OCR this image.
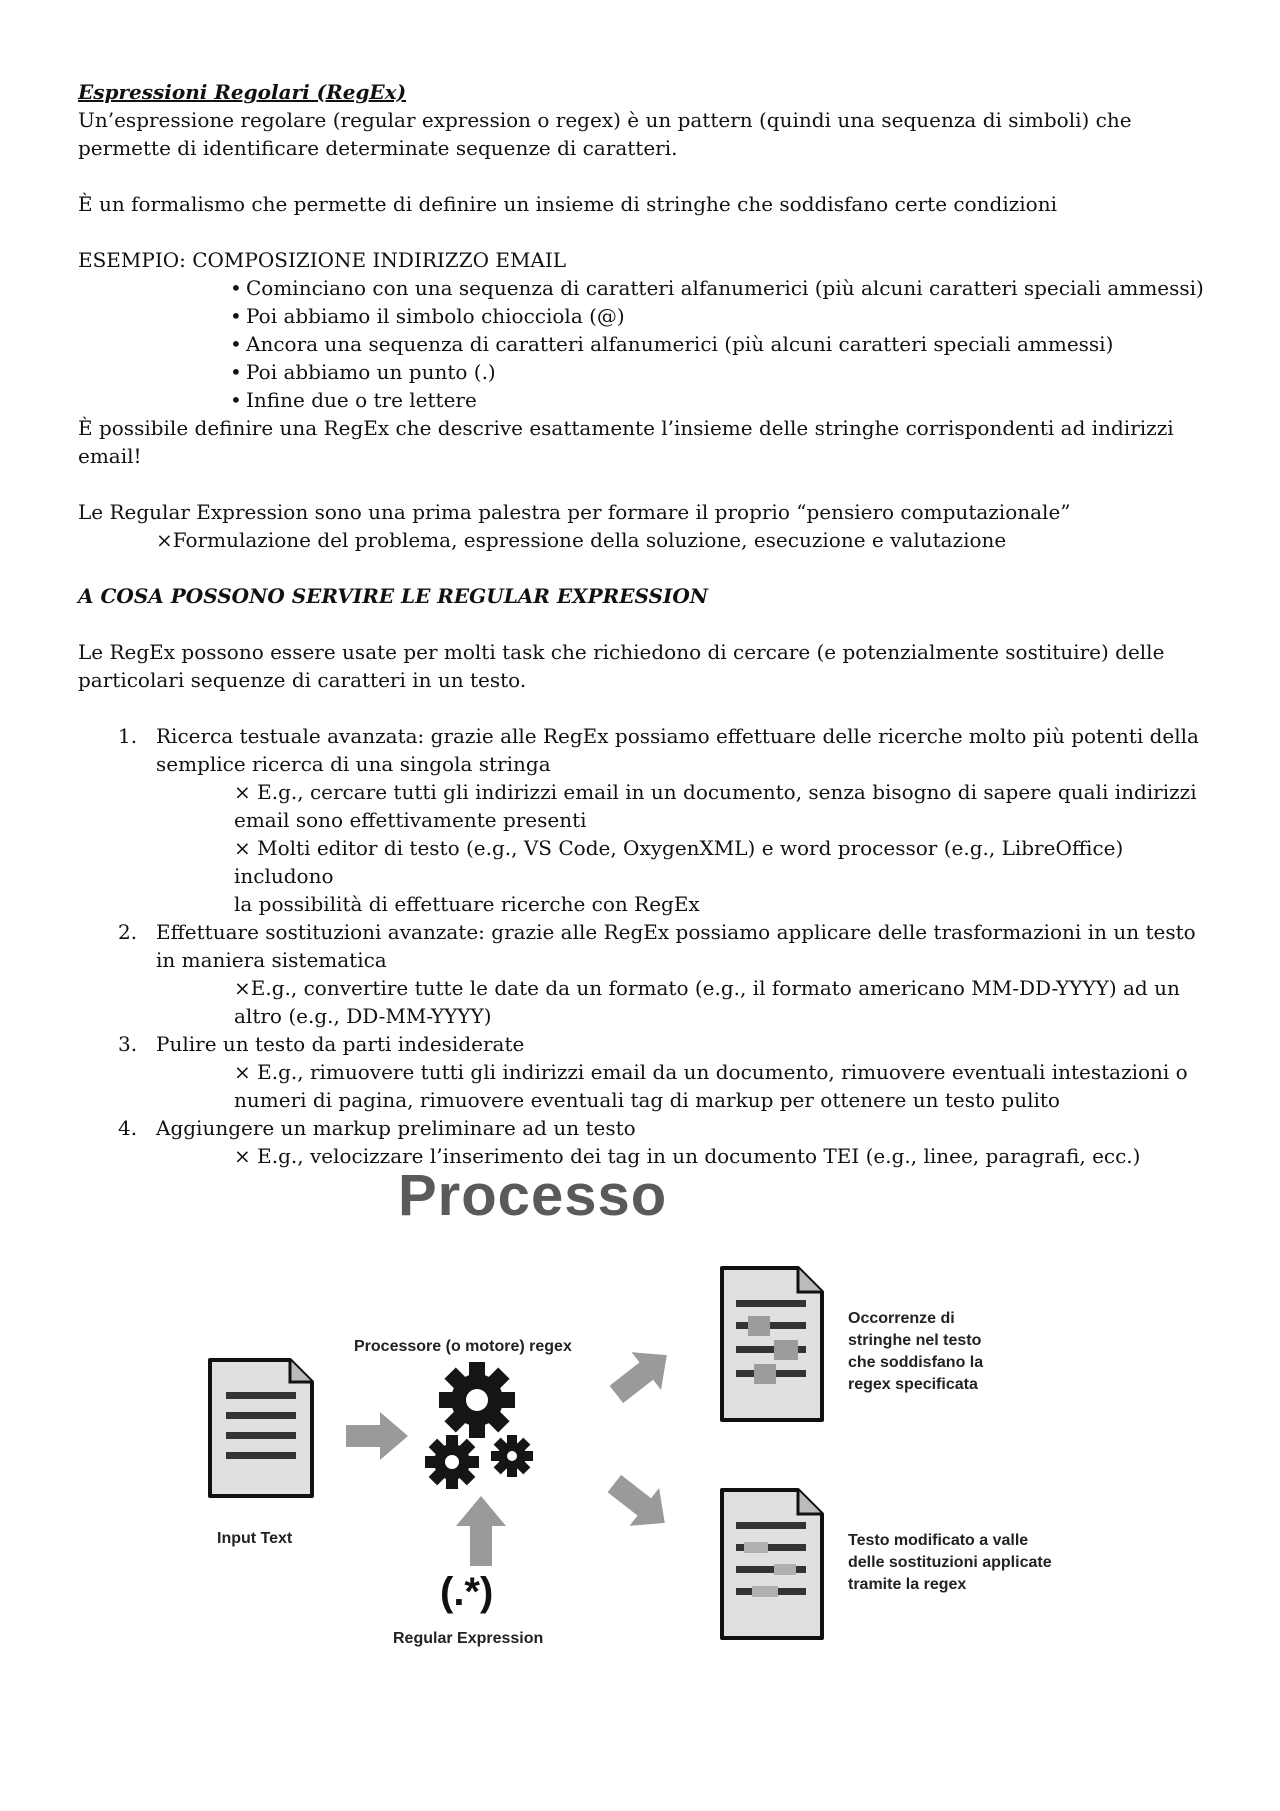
Espressioni Regolari (RegEx)

Un’espressione regolare (regular expression o regex) è un pattern (quindi una sequenza di simboli) che

permette di identificare determinate sequenze di caratteri.

È un formalismo che permette di definire un insieme di stringhe che soddisfano certe condizioni

ESEMPIO: COMPOSIZIONE INDIRIZZO EMAIL

• Cominciano con una sequenza di caratteri alfanumerici (più alcuni caratteri speciali ammessi)
• Poi abbiamo il simbolo chiocciola (@)
• Ancora una sequenza di caratteri alfanumerici (più alcuni caratteri speciali ammessi)
• Poi abbiamo un punto (.)
• Infine due o tre lettere

È possibile definire una RegEx che descrive esattamente l’insieme delle stringhe corrispondenti ad indirizzi

email!

Le Regular Expression sono una prima palestra per formare il proprio “pensiero computazionale”

×Formulazione del problema, espressione della soluzione, esecuzione e valutazione

A COSA POSSONO SERVIRE LE REGULAR EXPRESSION

Le RegEx possono essere usate per molti task che richiedono di cercare (e potenzialmente sostituire) delle

particolari sequenze di caratteri in un testo.

1. Ricerca testuale avanzata: grazie alle RegEx possiamo effettuare delle ricerche molto più potenti della

semplice ricerca di una singola stringa

× E.g., cercare tutti gli indirizzi email in un documento, senza bisogno di sapere quali indirizzi

email sono effettivamente presenti

× Molti editor di testo (e.g., VS Code, OxygenXML) e word processor (e.g., LibreOffice) includono

la possibilità di effettuare ricerche con RegEx

2. Effettuare sostituzioni avanzate: grazie alle RegEx possiamo applicare delle trasformazioni in un testo

in maniera sistematica

×E.g., convertire tutte le date da un formato (e.g., il formato americano MM-DD-YYYY) ad un

altro (e.g., DD-MM-YYYY)

3. Pulire un testo da parti indesiderate

× E.g., rimuovere tutti gli indirizzi email da un documento, rimuovere eventuali intestazioni o

numeri di pagina, rimuovere eventuali tag di markup per ottenere un testo pulito

4. Aggiungere un markup preliminare ad un testo

× E.g., velocizzare l’inserimento dei tag in un documento TEI (e.g., linee, paragrafi, ecc.)

Processo
Processore (o motore) regex
Input Text
(.*)
Regular Expression
Occorrenze di
stringhe nel testo
che soddisfano la
regex specificata
Testo modificato a valle
delle sostituzioni applicate
tramite la regex
